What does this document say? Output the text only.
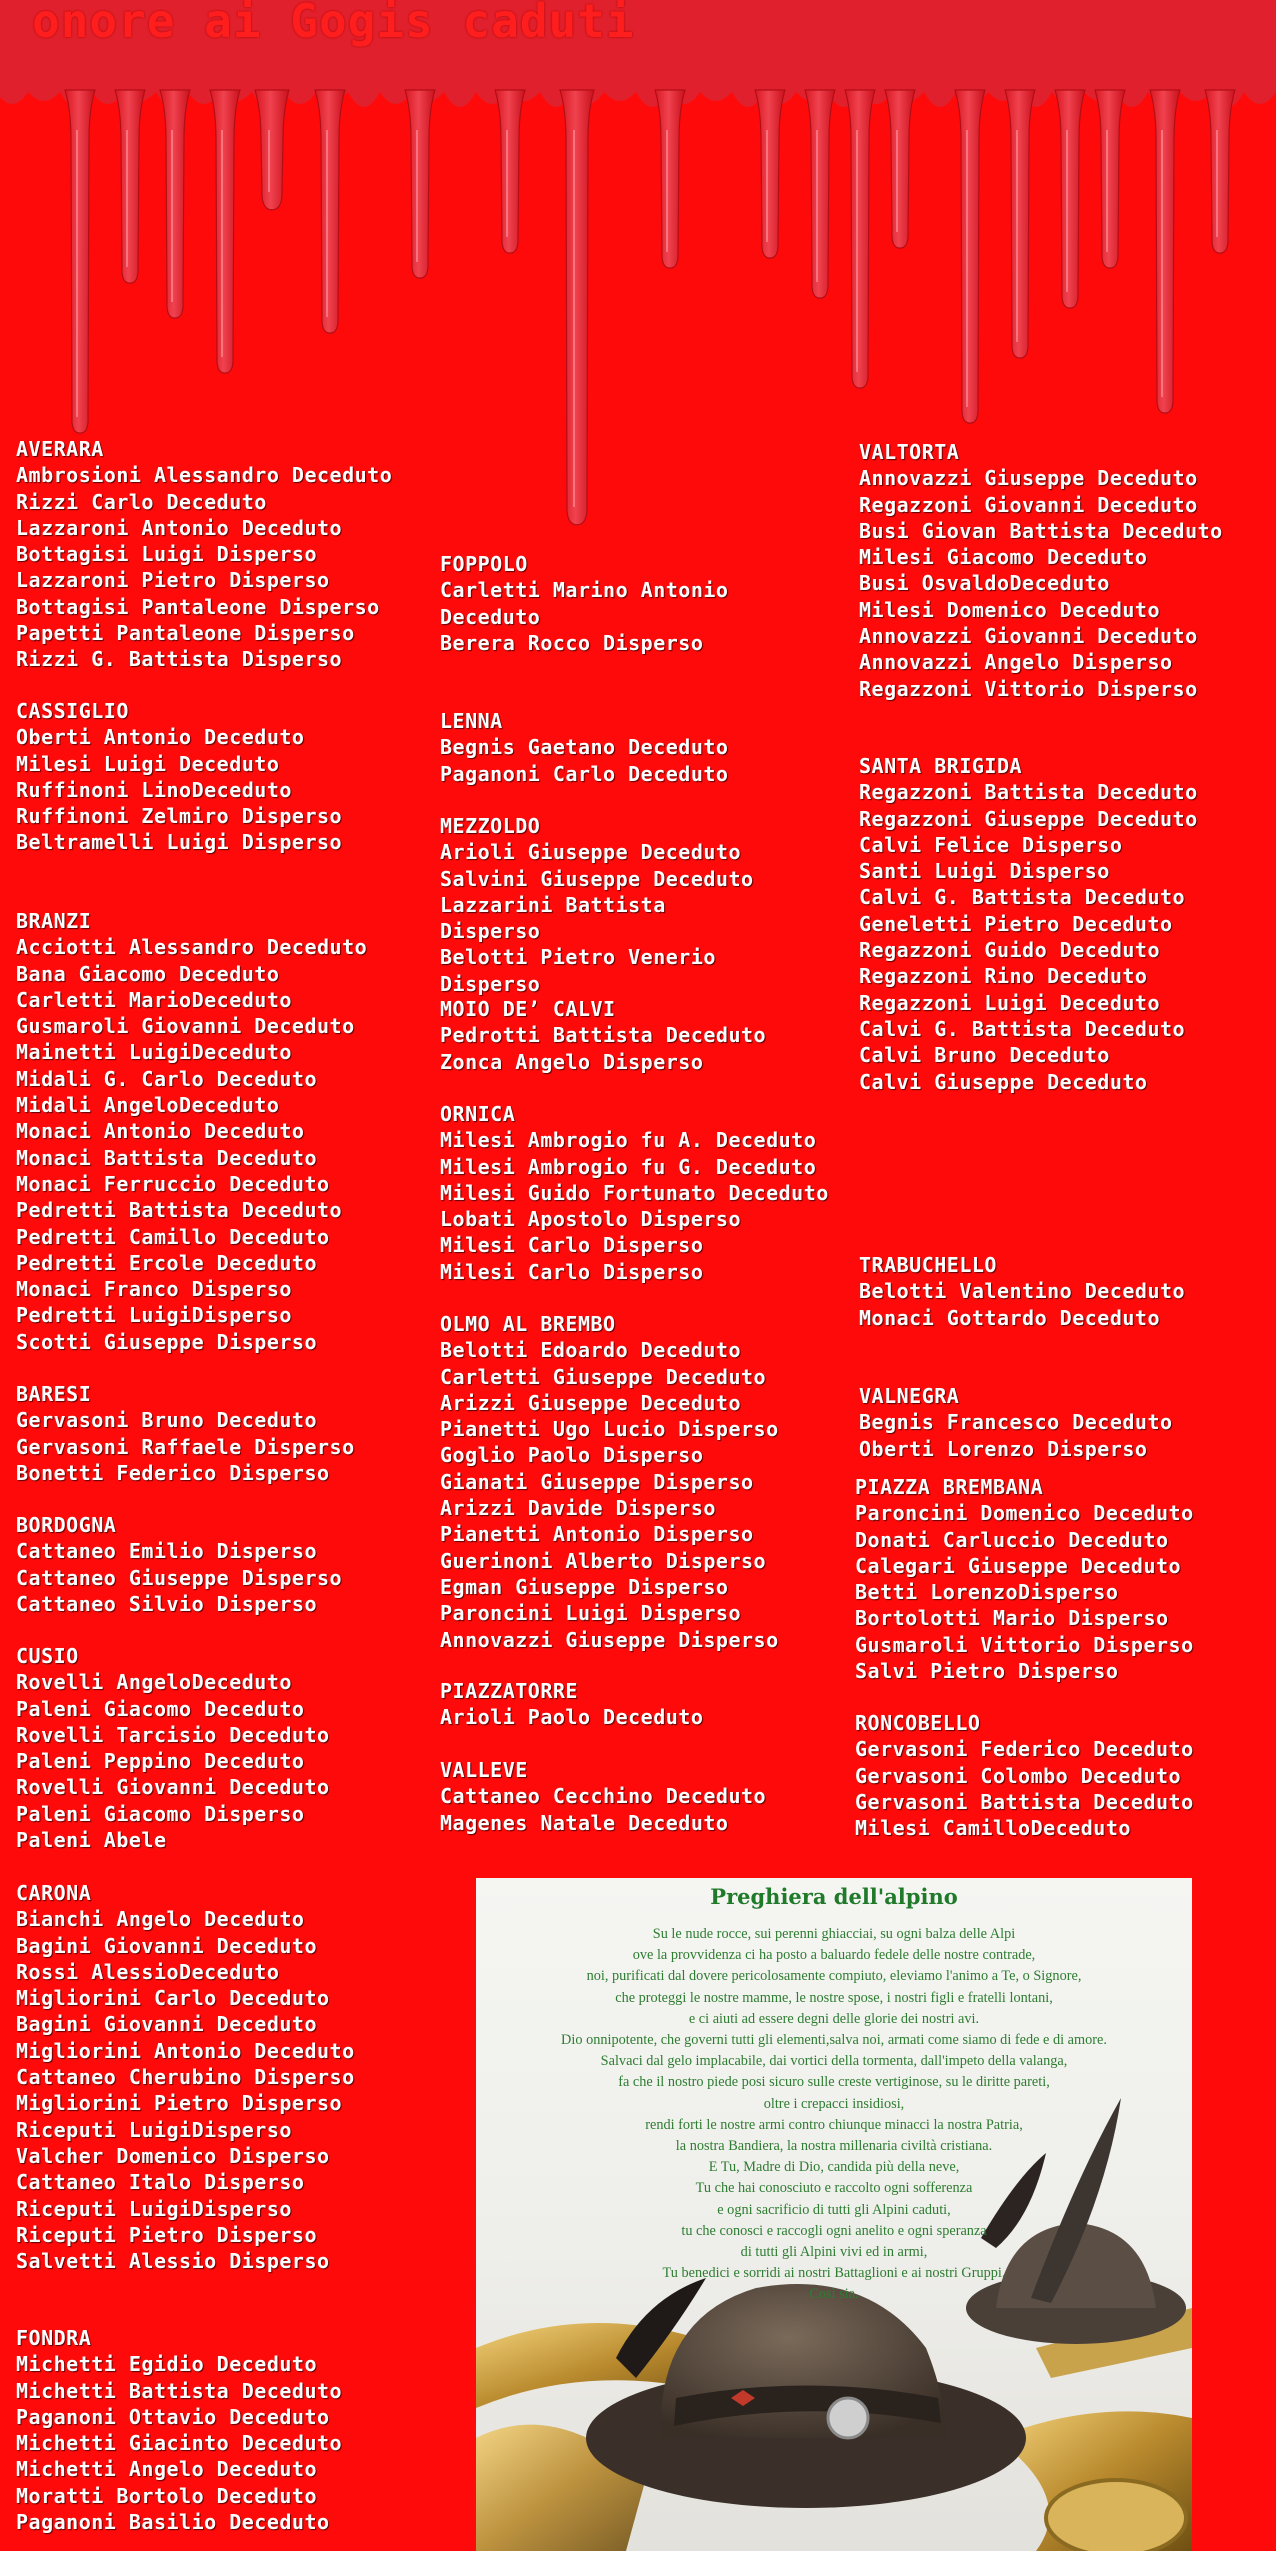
onore ai Gogis caduti
AVERARA
Ambrosioni Alessandro Deceduto
Rizzi Carlo Deceduto
Lazzaroni Antonio Deceduto
Bottagisi Luigi Disperso
Lazzaroni Pietro Disperso
Bottagisi Pantaleone Disperso
Papetti Pantaleone Disperso
Rizzi G. Battista Disperso
CASSIGLIO
Oberti Antonio Deceduto
Milesi Luigi Deceduto
Ruffinoni LinoDeceduto
Ruffinoni Zelmiro Disperso
Beltramelli Luigi Disperso
BRANZI
Acciotti Alessandro Deceduto
Bana Giacomo Deceduto
Carletti MarioDeceduto
Gusmaroli Giovanni Deceduto
Mainetti LuigiDeceduto
Midali G. Carlo Deceduto
Midali AngeloDeceduto
Monaci Antonio Deceduto
Monaci Battista Deceduto
Monaci Ferruccio Deceduto
Pedretti Battista Deceduto
Pedretti Camillo Deceduto
Pedretti Ercole Deceduto
Monaci Franco Disperso
Pedretti LuigiDisperso
Scotti Giuseppe Disperso
BARESI
Gervasoni Bruno Deceduto
Gervasoni Raffaele Disperso
Bonetti Federico Disperso
BORDOGNA
Cattaneo Emilio Disperso
Cattaneo Giuseppe Disperso
Cattaneo Silvio Disperso
CUSIO
Rovelli AngeloDeceduto
Paleni Giacomo Deceduto
Rovelli Tarcisio Deceduto
Paleni Peppino Deceduto
Rovelli Giovanni Deceduto
Paleni Giacomo Disperso
Paleni Abele
CARONA
Bianchi Angelo Deceduto
Bagini Giovanni Deceduto
Rossi AlessioDeceduto
Migliorini Carlo Deceduto
Bagini Giovanni Deceduto
Migliorini Antonio Deceduto
Cattaneo Cherubino Disperso
Migliorini Pietro Disperso
Riceputi LuigiDisperso
Valcher Domenico Disperso
Cattaneo Italo Disperso
Riceputi LuigiDisperso
Riceputi Pietro Disperso
Salvetti Alessio Disperso
FONDRA
Michetti Egidio Deceduto
Michetti Battista Deceduto
Paganoni Ottavio Deceduto
Michetti Giacinto Deceduto
Michetti Angelo Deceduto
Moratti Bortolo Deceduto
Paganoni Basilio Deceduto
FOPPOLO
Carletti Marino Antonio Deceduto
Berera Rocco Disperso
LENNA
Begnis Gaetano Deceduto
Paganoni Carlo Deceduto
MEZZOLDO
Arioli Giuseppe Deceduto
Salvini Giuseppe Deceduto
Lazzarini Battista Disperso
Belotti Pietro Venerio Disperso
MOIO DE’ CALVI
Pedrotti Battista Deceduto
Zonca Angelo Disperso
ORNICA
Milesi Ambrogio fu A. Deceduto
Milesi Ambrogio fu G. Deceduto
Milesi Guido Fortunato Deceduto
Lobati Apostolo Disperso
Milesi Carlo Disperso
Milesi Carlo Disperso
OLMO AL BREMBO
Belotti Edoardo Deceduto
Carletti Giuseppe Deceduto
Arizzi Giuseppe Deceduto
Pianetti Ugo Lucio Disperso
Goglio Paolo Disperso
Gianati Giuseppe Disperso
Arizzi Davide Disperso
Pianetti Antonio Disperso
Guerinoni Alberto Disperso
Egman Giuseppe Disperso
Paroncini Luigi Disperso
Annovazzi Giuseppe Disperso
PIAZZATORRE
Arioli Paolo Deceduto
VALLEVE
Cattaneo Cecchino Deceduto
Magenes Natale Deceduto
VALTORTA
Annovazzi Giuseppe Deceduto
Regazzoni Giovanni Deceduto
Busi Giovan Battista Deceduto
Milesi Giacomo Deceduto
Busi OsvaldoDeceduto
Milesi Domenico Deceduto
Annovazzi Giovanni Deceduto
Annovazzi Angelo Disperso
Regazzoni Vittorio Disperso
SANTA BRIGIDA
Regazzoni Battista Deceduto
Regazzoni Giuseppe Deceduto
Calvi Felice Disperso
Santi Luigi Disperso
Calvi G. Battista Deceduto
Geneletti Pietro Deceduto
Regazzoni Guido Deceduto
Regazzoni Rino Deceduto
Regazzoni Luigi Deceduto
Calvi G. Battista Deceduto
Calvi Bruno Deceduto
Calvi Giuseppe Deceduto
TRABUCHELLO
Belotti Valentino Deceduto
Monaci Gottardo Deceduto
VALNEGRA
Begnis Francesco Deceduto
Oberti Lorenzo Disperso
PIAZZA BREMBANA
Paroncini Domenico Deceduto
Donati Carluccio Deceduto
Calegari Giuseppe Deceduto
Betti LorenzoDisperso
Bortolotti Mario Disperso
Gusmaroli Vittorio Disperso
Salvi Pietro Disperso
RONCOBELLO
Gervasoni Federico Deceduto
Gervasoni Colombo Deceduto
Gervasoni Battista Deceduto
Milesi CamilloDeceduto
Preghiera dell'alpino
Su le nude rocce, sui perenni ghiacciai, su ogni balza delle Alpi
ove la provvidenza ci ha posto a baluardo fedele delle nostre contrade,
noi, purificati dal dovere pericolosamente compiuto, eleviamo l'animo a Te, o Signore,
che proteggi le nostre mamme, le nostre spose, i nostri figli e fratelli lontani,
e ci aiuti ad essere degni delle glorie dei nostri avi.
Dio onnipotente, che governi tutti gli elementi,salva noi, armati come siamo di fede e di amore.
Salvaci dal gelo implacabile, dai vortici della tormenta, dall'impeto della valanga,
fa che il nostro piede posi sicuro sulle creste vertiginose, su le diritte pareti,
oltre i crepacci insidiosi,
rendi forti le nostre armi contro chiunque minacci la nostra Patria,
la nostra Bandiera, la nostra millenaria civiltà cristiana.
E Tu, Madre di Dio, candida più della neve,
Tu che hai conosciuto e raccolto ogni sofferenza
e ogni sacrificio di tutti gli Alpini caduti,
tu che conosci e raccogli ogni anelito e ogni speranza
di tutti gli Alpini vivi ed in armi,
Tu benedici e sorridi ai nostri Battaglioni e ai nostri Gruppi.
Così sia.
